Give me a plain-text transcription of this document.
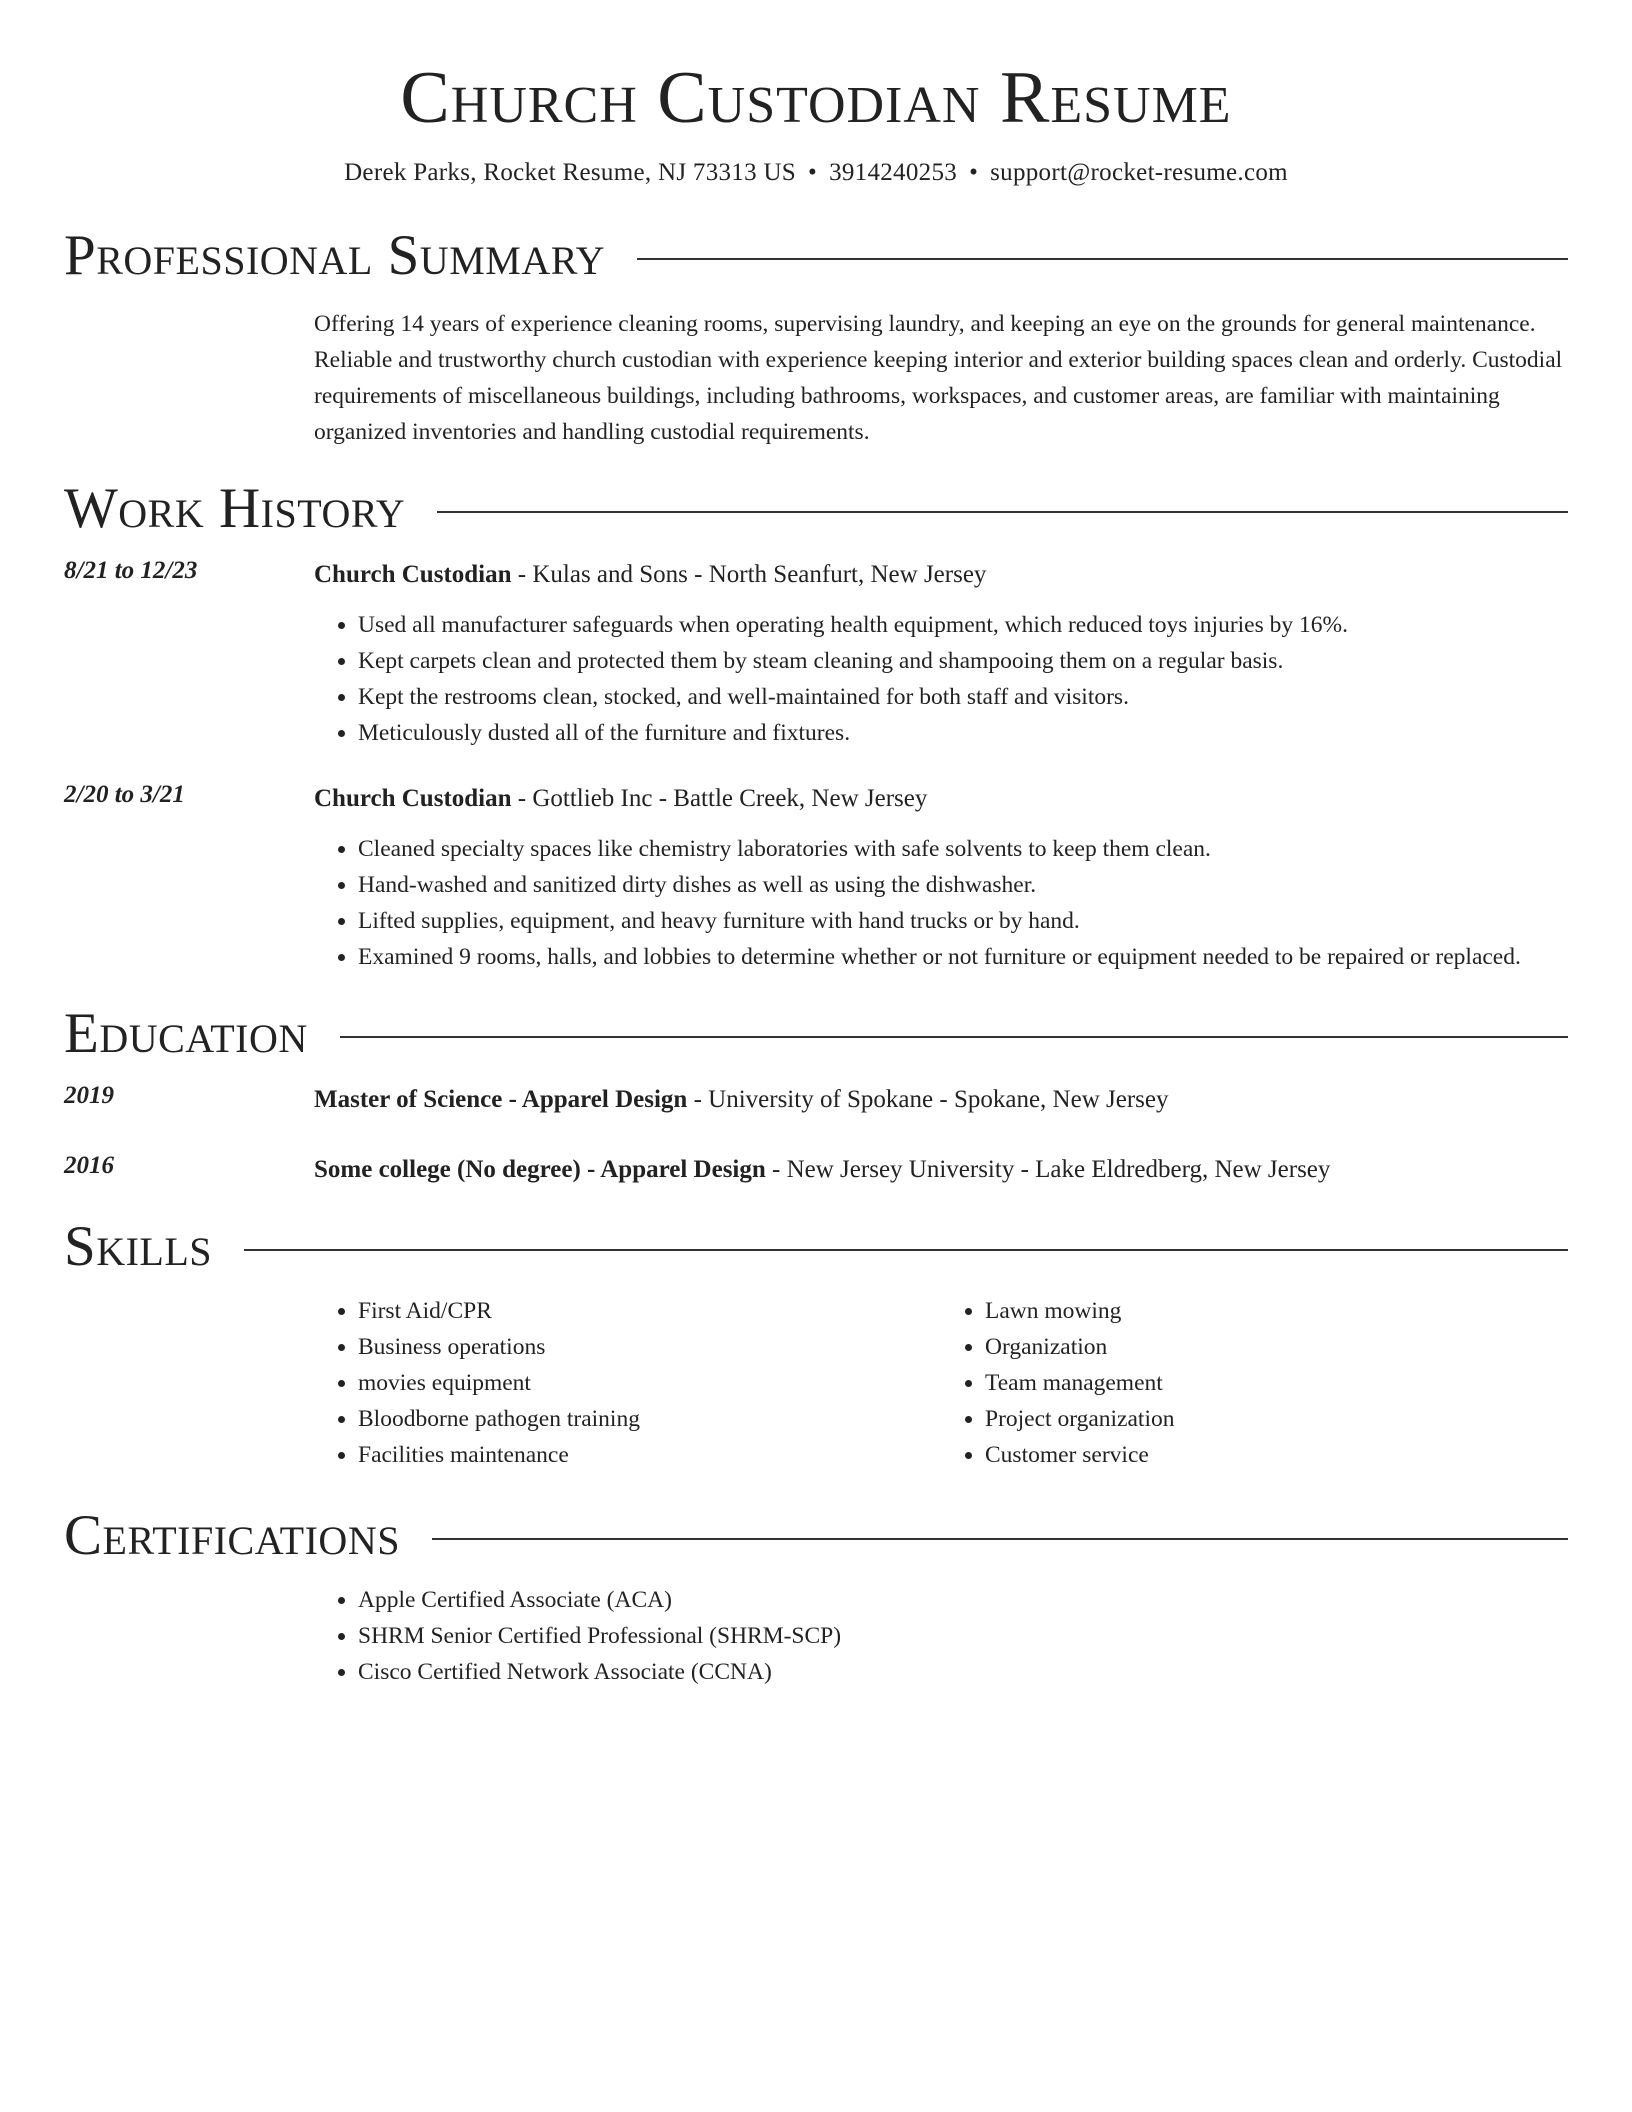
Church Custodian Resume
Derek Parks, Rocket Resume, NJ 73313 US • 3914240253 • support@rocket-resume.com
Professional Summary
Offering 14 years of experience cleaning rooms, supervising laundry, and keeping an eye on the grounds for general maintenance. Reliable and trustworthy church custodian with experience keeping interior and exterior building spaces clean and orderly. Custodial requirements of miscellaneous buildings, including bathrooms, workspaces, and customer areas, are familiar with maintaining organized inventories and handling custodial requirements.
Work History
8/21 to 12/23	Church Custodian - Kulas and Sons - North Seanfurt, New Jersey
• Used all manufacturer safeguards when operating health equipment, which reduced toys injuries by 16%.
• Kept carpets clean and protected them by steam cleaning and shampooing them on a regular basis.
• Kept the restrooms clean, stocked, and well-maintained for both staff and visitors.
• Meticulously dusted all of the furniture and fixtures.
2/20 to 3/21	Church Custodian - Gottlieb Inc - Battle Creek, New Jersey
• Cleaned specialty spaces like chemistry laboratories with safe solvents to keep them clean.
• Hand-washed and sanitized dirty dishes as well as using the dishwasher.
• Lifted supplies, equipment, and heavy furniture with hand trucks or by hand.
• Examined 9 rooms, halls, and lobbies to determine whether or not furniture or equipment needed to be repaired or replaced.
Education
2019	Master of Science - Apparel Design - University of Spokane - Spokane, New Jersey
2016	Some college (No degree) - Apparel Design - New Jersey University - Lake Eldredberg, New Jersey
Skills
• First Aid/CPR
• Business operations
• movies equipment
• Bloodborne pathogen training
• Facilities maintenance
• Lawn mowing
• Organization
• Team management
• Project organization
• Customer service
Certifications
• Apple Certified Associate (ACA)
• SHRM Senior Certified Professional (SHRM-SCP)
• Cisco Certified Network Associate (CCNA)
